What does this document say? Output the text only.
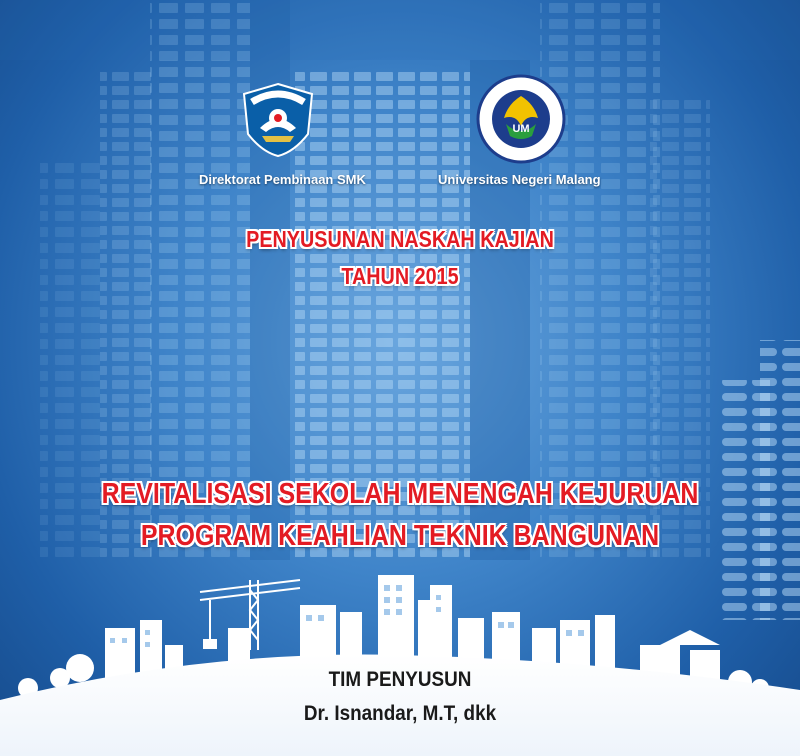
Direktorat Pembinaan SMK
UM
Universitas Negeri Malang
PENYUSUNAN NASKAH KAJIAN
TAHUN 2015
REVITALISASI SEKOLAH MENENGAH KEJURUAN
PROGRAM KEAHLIAN TEKNIK BANGUNAN
TIM PENYUSUN
Dr. Isnandar, M.T, dkk
